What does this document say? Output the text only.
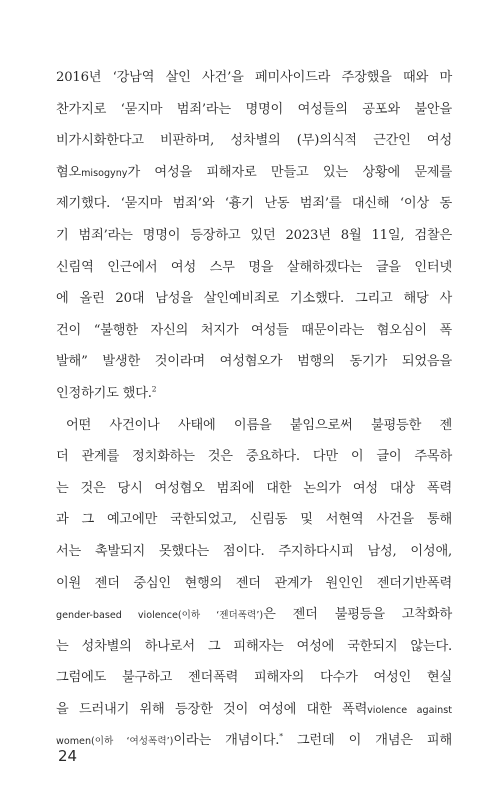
2016년 ‘강남역 살인 사건’을 페미사이드라 주장했을 때와 마
찬가지로 ‘묻지마 범죄’라는 명명이 여성들의 공포와 불안을
비가시화한다고 비판하며, 성차별의 (무)의식적 근간인 여성
혐오misogyny가 여성을 피해자로 만들고 있는 상황에 문제를
제기했다. ‘묻지마 범죄’와 ‘흉기 난동 범죄’를 대신해 ‘이상 동
기 범죄’라는 명명이 등장하고 있던 2023년 8월 11일, 검찰은
신림역 인근에서 여성 스무 명을 살해하겠다는 글을 인터넷
에 올린 20대 남성을 살인예비죄로 기소했다. 그리고 해당 사
건이 “불행한 자신의 처지가 여성들 때문이라는 혐오심이 폭
발해” 발생한 것이라며 여성혐오가 범행의 동기가 되었음을
인정하기도 했다.$^2$
어떤 사건이나 사태에 이름을 붙임으로써 불평등한 젠
더 관계를 정치화하는 것은 중요하다. 다만 이 글이 주목하
는 것은 당시 여성혐오 범죄에 대한 논의가 여성 대상 폭력
과 그 예고에만 국한되었고, 신림동 및 서현역 사건을 통해
서는 촉발되지 못했다는 점이다. 주지하다시피 남성, 이성애,
이원 젠더 중심인 현행의 젠더 관계가 원인인 젠더기반폭력
gender-based violence(이하 ‘젠더폭력’)은 젠더 불평등을 고착화하
는 성차별의 하나로서 그 피해자는 여성에 국한되지 않는다.
그럼에도 불구하고 젠더폭력 피해자의 다수가 여성인 현실
을 드러내기 위해 등장한 것이 여성에 대한 폭력violence against
women(이하 ‘여성폭력’)이라는 개념이다.* 그런데 이 개념은 피해
24
